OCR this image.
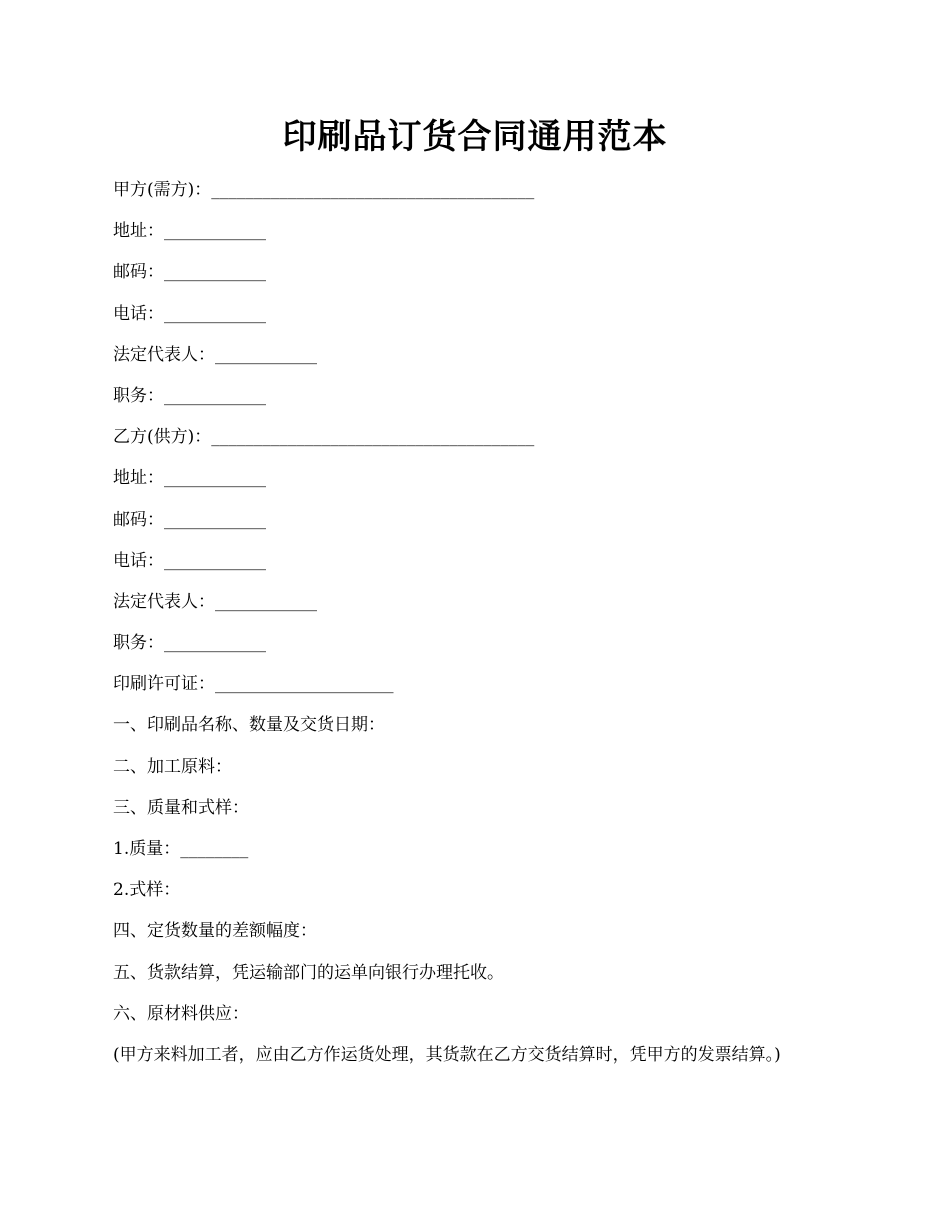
印刷品订货合同通用范本
甲方(需方)：______________________________________
地址：____________
邮码：____________
电话：____________
法定代表人：____________
职务：____________
乙方(供方)：______________________________________
地址：____________
邮码：____________
电话：____________
法定代表人：____________
职务：____________
印刷许可证：_____________________
一、印刷品名称、数量及交货日期：
二、加工原料：
三、质量和式样：
1.质量：________
2.式样：
四、定货数量的差额幅度：
五、货款结算，凭运输部门的运单向银行办理托收。
六、原材料供应：
(甲方来料加工者，应由乙方作运货处理，其货款在乙方交货结算时，凭甲方的发票结算。)
